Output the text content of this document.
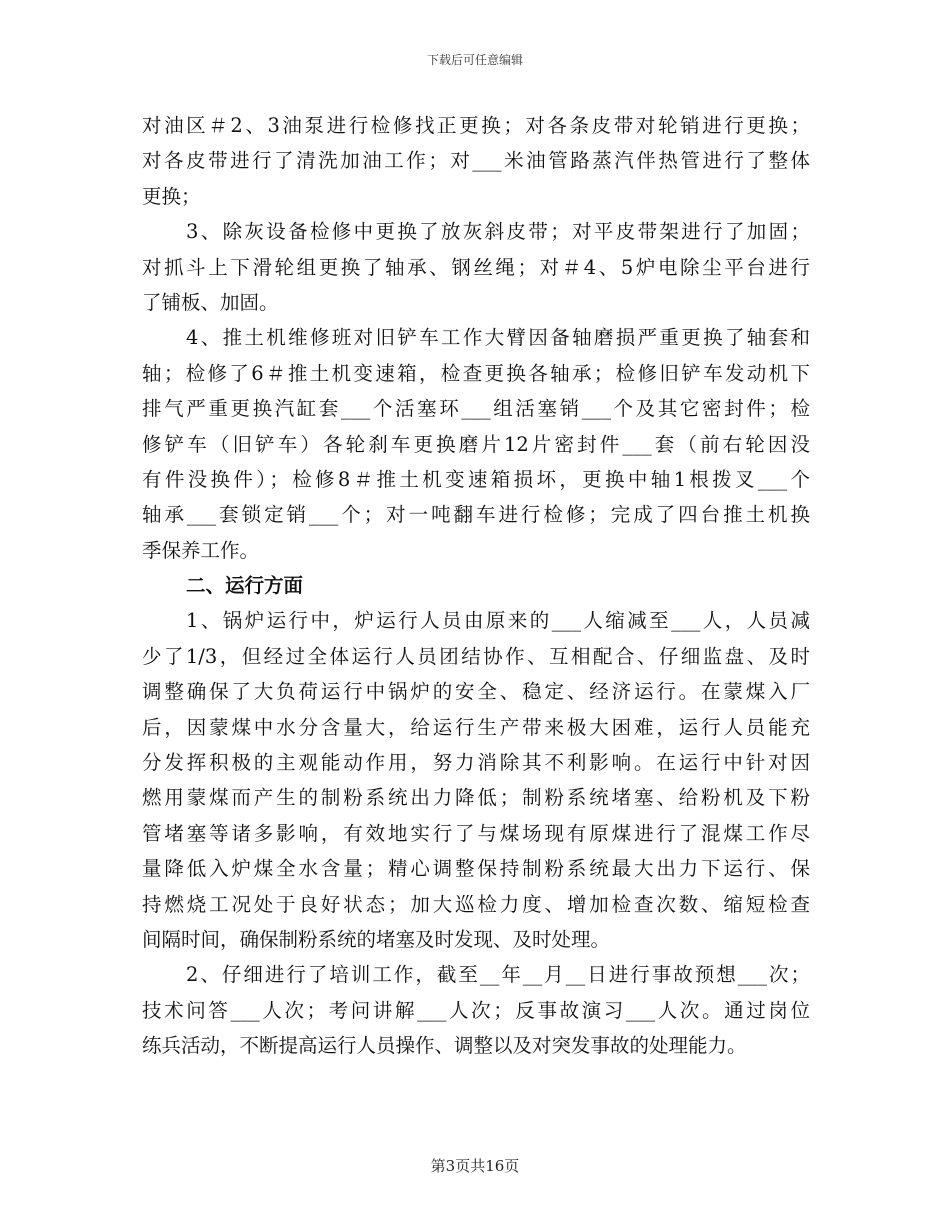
下载后可任意编辑
对油区＃2、3油泵进行检修找正更换；对各条皮带对轮销进行更换；
对各皮带进行了清洗加油工作；对___米油管路蒸汽伴热管进行了整体
更换；
3、除灰设备检修中更换了放灰斜皮带；对平皮带架进行了加固；
对抓斗上下滑轮组更换了轴承、钢丝绳；对＃4、5炉电除尘平台进行
了铺板、加固。
4、推土机维修班对旧铲车工作大臂因备轴磨损严重更换了轴套和
轴；检修了6＃推土机变速箱，检查更换各轴承；检修旧铲车发动机下
排气严重更换汽缸套___个活塞环___组活塞销___个及其它密封件；检
修铲车（旧铲车）各轮刹车更换磨片12片密封件___套（前右轮因没
有件没换件）；检修8＃推土机变速箱损坏，更换中轴1根拨叉___个
轴承___套锁定销___个；对一吨翻车进行检修；完成了四台推土机换
季保养工作。
二、运行方面
1、锅炉运行中，炉运行人员由原来的___人缩减至___人，人员减
少了1/3，但经过全体运行人员团结协作、互相配合、仔细监盘、及时
调整确保了大负荷运行中锅炉的安全、稳定、经济运行。在蒙煤入厂
后，因蒙煤中水分含量大，给运行生产带来极大困难，运行人员能充
分发挥积极的主观能动作用，努力消除其不利影响。在运行中针对因
燃用蒙煤而产生的制粉系统出力降低；制粉系统堵塞、给粉机及下粉
管堵塞等诸多影响，有效地实行了与煤场现有原煤进行了混煤工作尽
量降低入炉煤全水含量；精心调整保持制粉系统最大出力下运行、保
持燃烧工况处于良好状态；加大巡检力度、增加检查次数、缩短检查
间隔时间，确保制粉系统的堵塞及时发现、及时处理。
2、仔细进行了培训工作，截至__年__月__日进行事故预想___次；
技术问答___人次；考问讲解___人次；反事故演习___人次。通过岗位
练兵活动，不断提高运行人员操作、调整以及对突发事故的处理能力。
第3页共16页
